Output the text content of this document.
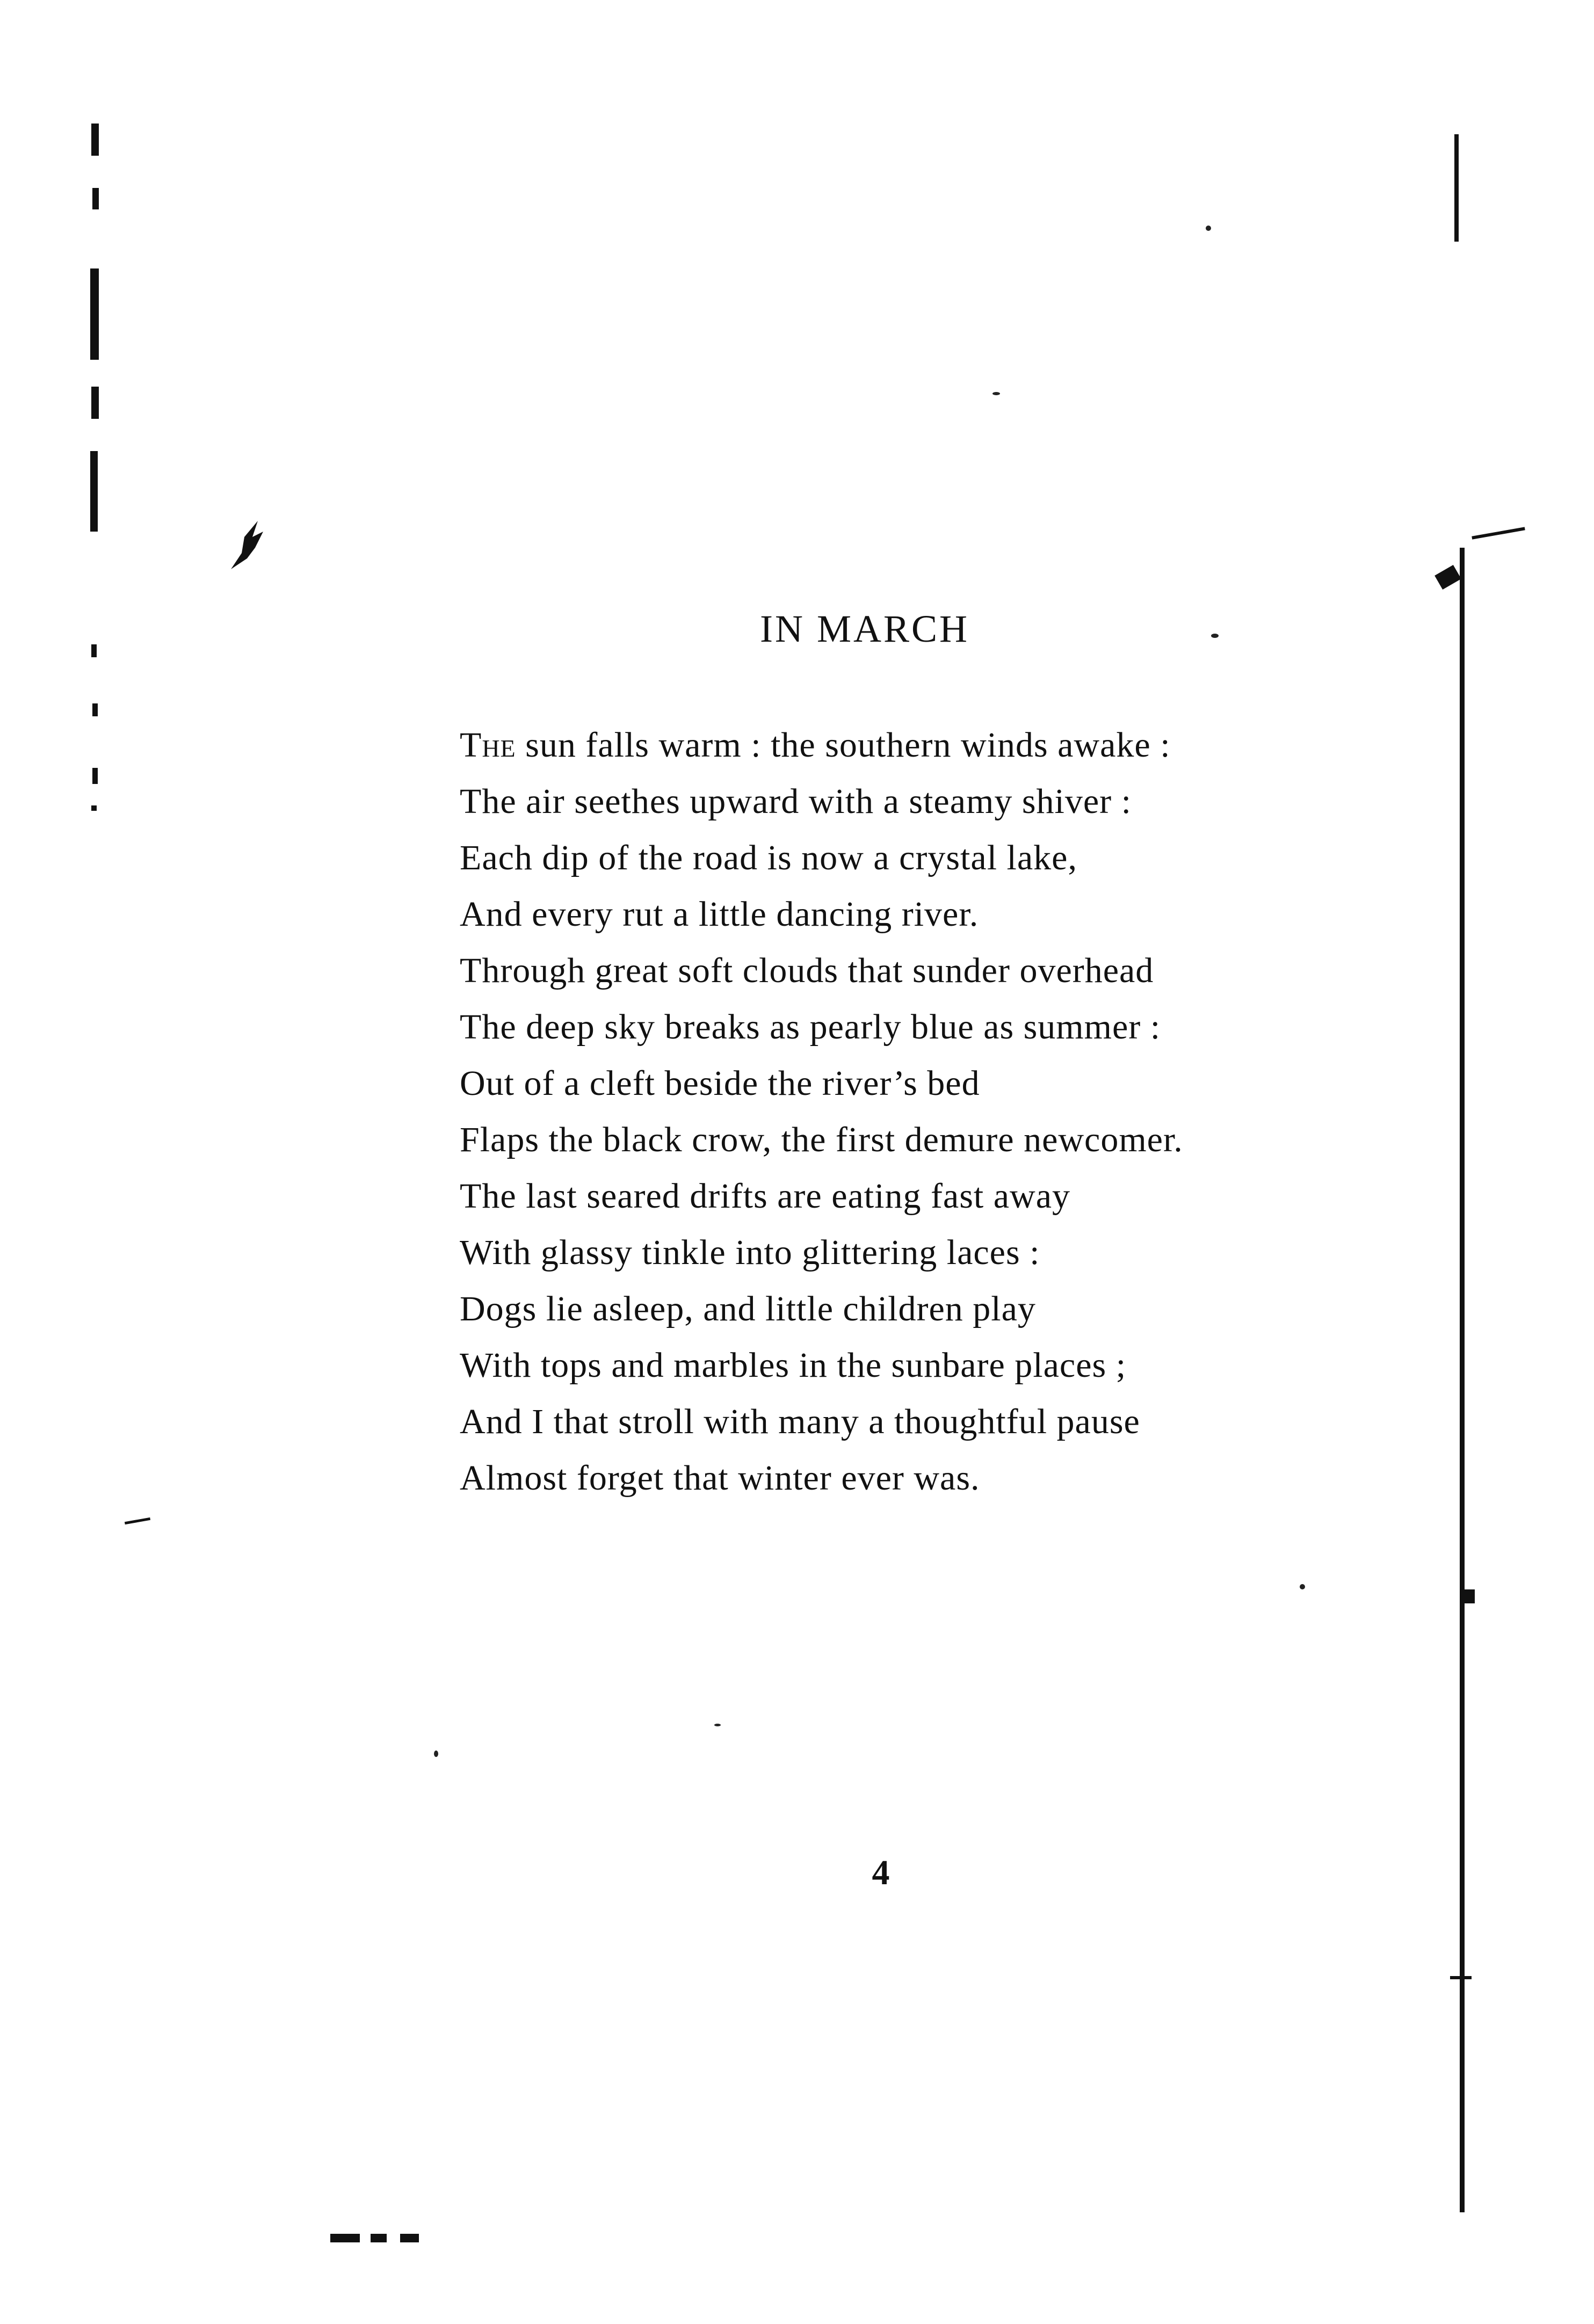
IN MARCH
The sun falls warm : the southern winds awake :
The air seethes upward with a steamy shiver :
Each dip of the road is now a crystal lake,
And every rut a little dancing river.
Through great soft clouds that sunder overhead
The deep sky breaks as pearly blue as summer :
Out of a cleft beside the river’s bed
Flaps the black crow, the first demure newcomer.
The last seared drifts are eating fast away
With glassy tinkle into glittering laces :
Dogs lie asleep, and little children play
With tops and marbles in the sunbare places ;
And I that stroll with many a thoughtful pause
Almost forget that winter ever was.
4
